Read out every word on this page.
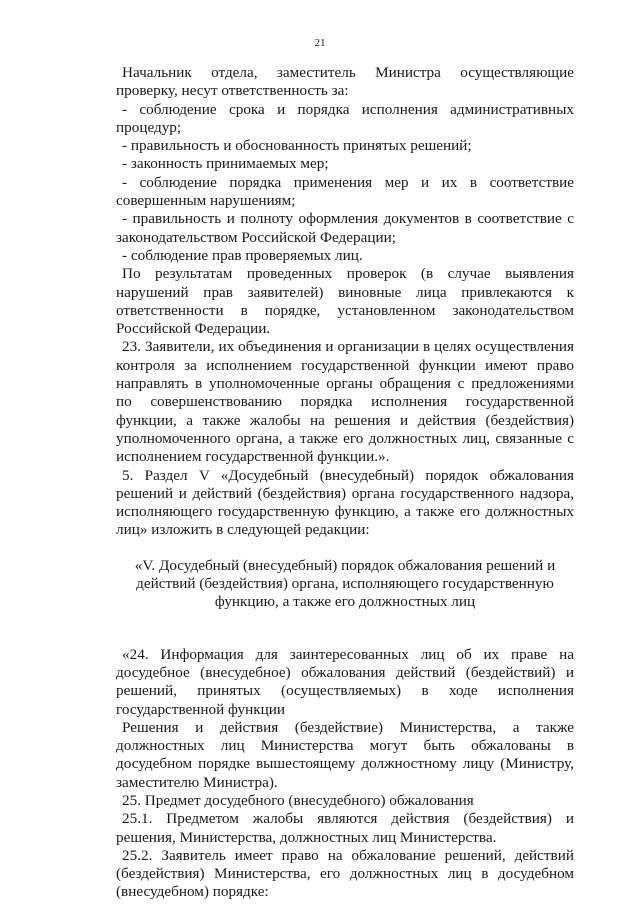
21

Начальник отдела, заместитель Министра осуществляющие проверку, несут ответственность за:

- соблюдение срока и порядка исполнения административных процедур;

- правильность и обоснованность принятых решений;

- законность принимаемых мер;

- соблюдение порядка применения мер и их в соответствие совершенным нарушениям;

- правильность и полноту оформления документов в соответствие с законодательством Российской Федерации;

- соблюдение прав проверяемых лиц.

По результатам проведенных проверок (в случае выявления нарушений прав заявителей) виновные лица привлекаются к ответственности в порядке, установленном законодательством Российской Федерации.

23. Заявители, их объединения и организации в целях осуществления контроля за исполнением государственной функции имеют право направлять в уполномоченные органы обращения с предложениями по совершенствованию порядка исполнения государственной функции, а также жалобы на решения и действия (бездействия) уполномоченного органа, а также его должностных лиц, связанные с исполнением государственной функции.».

5. Раздел V «Досудебный (внесудебный) порядок обжалования решений и действий (бездействия) органа государственного надзора, исполняющего государственную функцию, а также его должностных лиц» изложить в следующей редакции:

«V. Досудебный (внесудебный) порядок обжалования решений и действий (бездействия) органа, исполняющего государственную функцию, а также его должностных лиц

«24. Информация для заинтересованных лиц об их праве на досудебное (внесудебное) обжалования действий (бездействий) и решений, принятых (осуществляемых) в ходе исполнения государственной функции

Решения и действия (бездействие) Министерства, а также должностных лиц Министерства могут быть обжалованы в досудебном порядке вышестоящему должностному лицу (Министру, заместителю Министра).

25. Предмет досудебного (внесудебного) обжалования

25.1. Предметом жалобы являются действия (бездействия) и решения, Министерства, должностных лиц Министерства.

25.2. Заявитель имеет право на обжалование решений, действий (бездействия) Министерства, его должностных лиц в досудебном (внесудебном) порядке:
